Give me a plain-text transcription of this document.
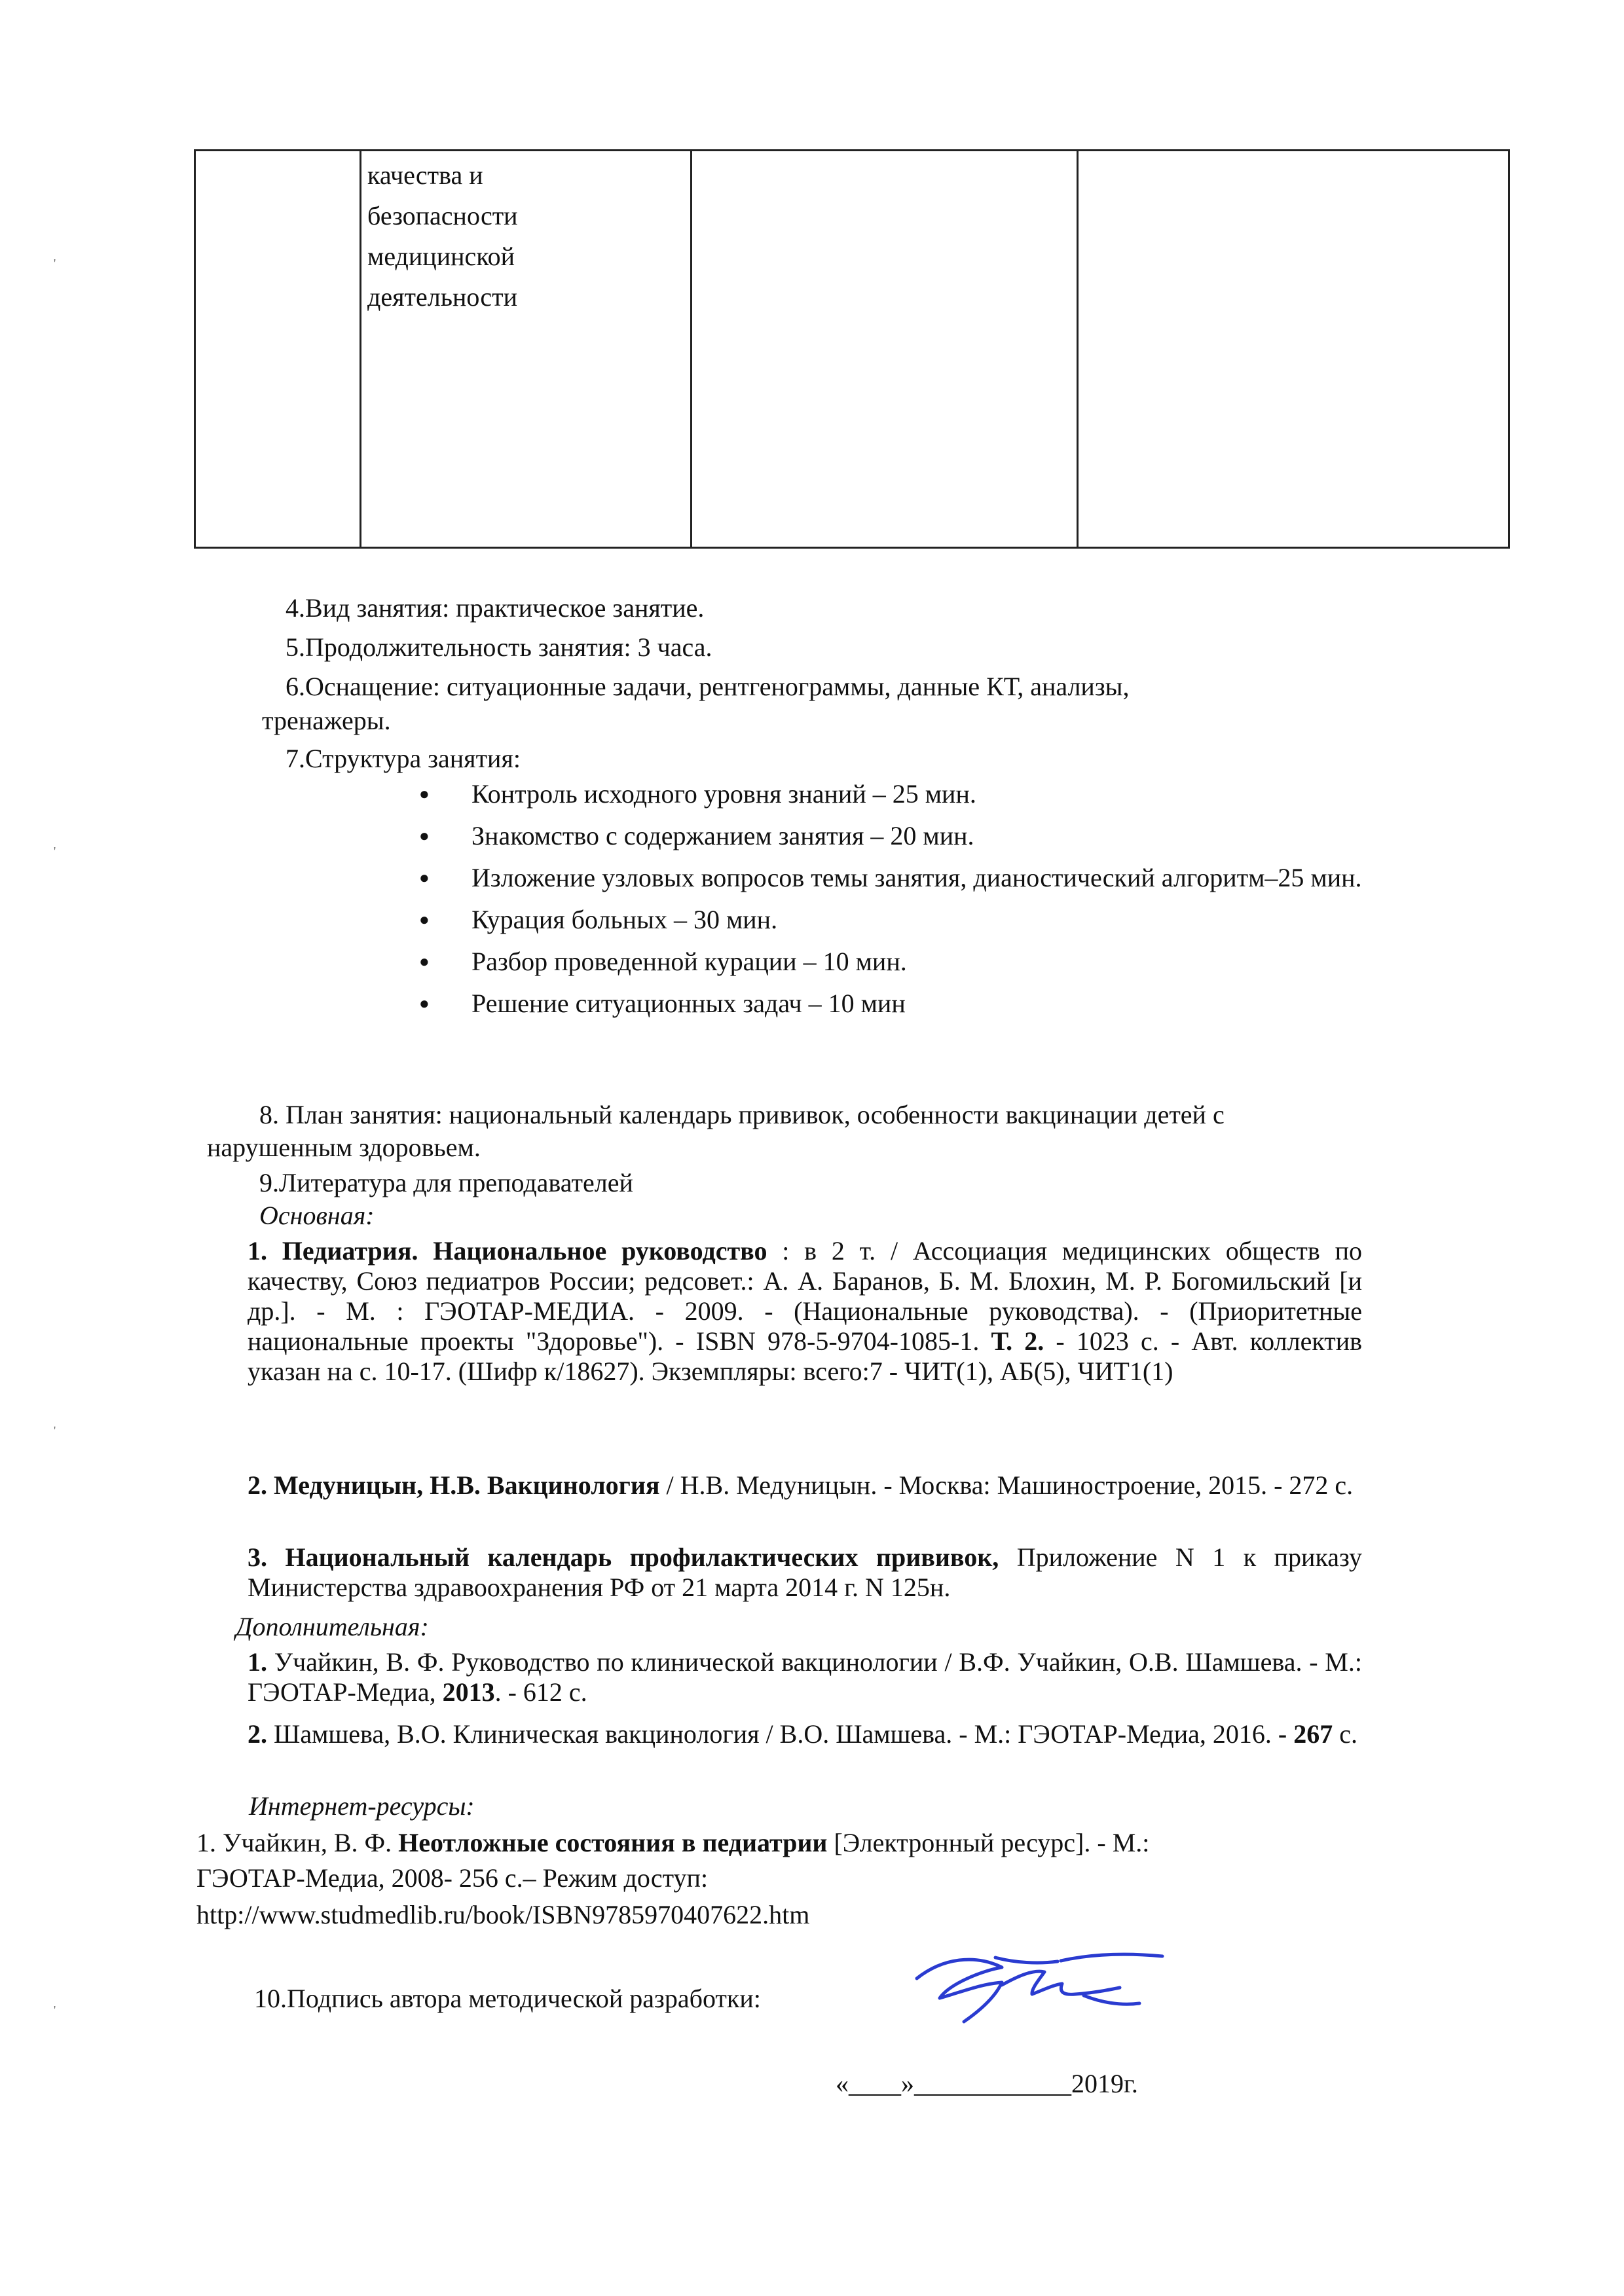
'
'
'
'
качества и
безопасности
медицинской
деятельности

4.Вид занятия: практическое занятие.

5.Продолжительность занятия: 3 часа.

6.Оснащение: ситуационные задачи, рентгенограммы, данные КТ, анализы,

тренажеры.

7.Структура занятия:

● Контроль исходного уровня знаний – 25 мин.
● Знакомство с содержанием занятия – 20 мин.
● Изложение узловых вопросов темы занятия, дианостический алгоритм–25 мин.
● Курация больных – 30 мин.
● Разбор проведенной курации – 10 мин.
● Решение ситуационных задач – 10 мин

8. План занятия: национальный календарь прививок, особенности вакцинации детей с

нарушенным здоровьем.

9.Литература для преподавателей

Основная:

1. Педиатрия. Национальное руководство : в 2 т. / Ассоциация медицинских обществ по качеству, Союз педиатров России; редсовет.: А. А. Баранов, Б. М. Блохин, М. Р. Богомильский [и др.]. - М. : ГЭОТАР-МЕДИА. - 2009. - (Национальные руководства). - (Приоритетные национальные проекты "Здоровье"). - ISBN 978-5-9704-1085-1. Т. 2. - 1023 с. - Авт. коллектив указан на с. 10-17. (Шифр к/18627). Экземпляры: всего:7 - ЧИТ(1), АБ(5), ЧИТ1(1)

2. Медуницын, Н.В. Вакцинология / Н.В. Медуницын. - Москва: Машиностроение, 2015. - 272 с.

3. Национальный календарь профилактических прививок, Приложение N 1 к приказу Министерства здравоохранения РФ от 21 марта 2014 г. N 125н.

Дополнительная:

1. Учайкин, В. Ф. Руководство по клинической вакцинологии / В.Ф. Учайкин, О.В. Шамшева. - М.: ГЭОТАР-Медиа, 2013. - 612 с.

2. Шамшева, В.О. Клиническая вакцинология / В.О. Шамшева. - М.: ГЭОТАР-Медиа, 2016. - 267 с.

Интернет-ресурсы:

1. Учайкин, В. Ф. Неотложные состояния в педиатрии [Электронный ресурс]. - М.:

ГЭОТАР-Медиа, 2008- 256 с.– Режим доступ:

http://www.studmedlib.ru/book/ISBN9785970407622.htm

10.Подпись автора методической разработки:

«____»____________2019г.
